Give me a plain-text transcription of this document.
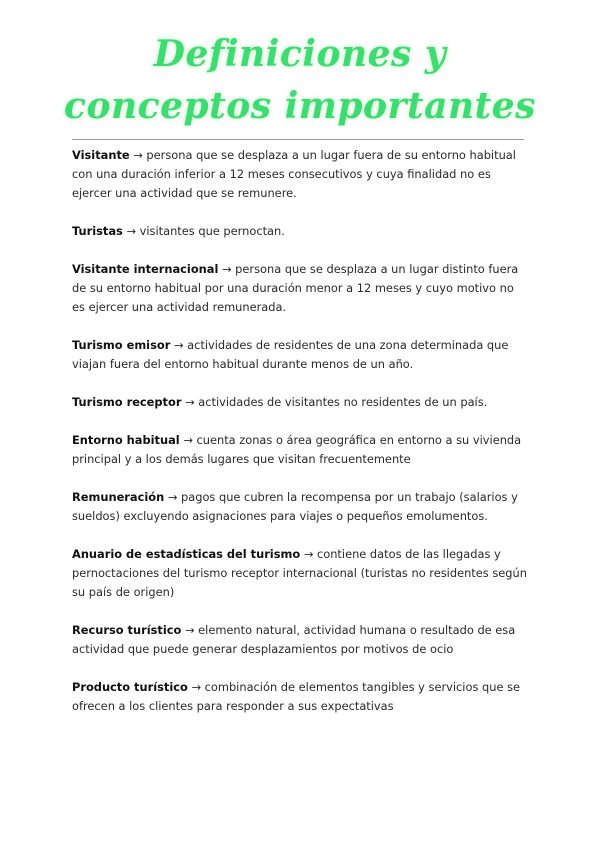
Definiciones y conceptos importantes

Visitante → persona que se desplaza a un lugar fuera de su entorno habitual con una duración inferior a 12 meses consecutivos y cuya finalidad no es ejercer una actividad que se remunere.

Turistas → visitantes que pernoctan.

Visitante internacional → persona que se desplaza a un lugar distinto fuera de su entorno habitual por una duración menor a 12 meses y cuyo motivo no es ejercer una actividad remunerada.

Turismo emisor → actividades de residentes de una zona determinada que viajan fuera del entorno habitual durante menos de un año.

Turismo receptor → actividades de visitantes no residentes de un país.

Entorno habitual → cuenta zonas o área geográfica en entorno a su vivienda principal y a los demás lugares que visitan frecuentemente

Remuneración → pagos que cubren la recompensa por un trabajo (salarios y sueldos) excluyendo asignaciones para viajes o pequeños emolumentos.

Anuario de estadísticas del turismo → contiene datos de las llegadas y pernoctaciones del turismo receptor internacional (turistas no residentes según su país de origen)

Recurso turístico → elemento natural, actividad humana o resultado de esa actividad que puede generar desplazamientos por motivos de ocio

Producto turístico → combinación de elementos tangibles y servicios que se ofrecen a los clientes para responder a sus expectativas
